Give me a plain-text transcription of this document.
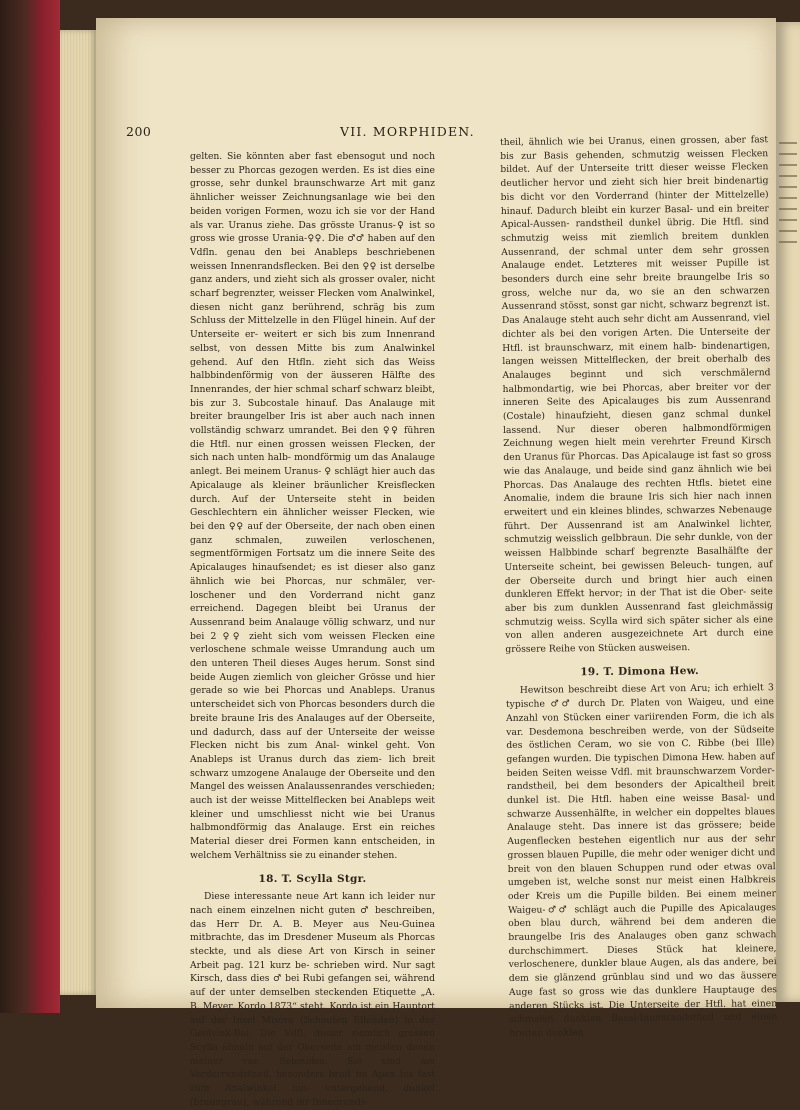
200	VII. MORPHIDEN.

gelten. Sie könnten aber fast ebensogut und noch besser zu Phorcas gezogen werden. Es ist dies eine grosse, sehr dunkel braunschwarze Art mit ganz ähnlicher weisser Zeichnungsanlage wie bei den beiden vorigen Formen, wozu ich sie vor der Hand als var. Uranus ziehe. Das grösste Uranus-♀ ist so gross wie grosse Urania-♀♀. Die ♂♂ haben auf den Vdfln. genau den bei Anableps beschriebenen weissen Innenrandsflecken. Bei den ♀♀ ist derselbe ganz anders, und zieht sich als grosser ovaler, nicht scharf begrenzter, weisser Flecken vom Analwinkel, diesen nicht ganz berührend, schräg bis zum Schluss der Mittelzelle in den Flügel hinein. Auf der Unterseite er- weitert er sich bis zum Innenrand selbst, von dessen Mitte bis zum Analwinkel gehend. Auf den Htfln. zieht sich das Weiss halbbindenförmig von der äusseren Hälfte des Innenrandes, der hier schmal scharf schwarz bleibt, bis zur 3. Subcostale hinauf. Das Analauge mit breiter braungelber Iris ist aber auch nach innen vollständig schwarz umrandet. Bei den ♀♀ führen die Htfl. nur einen grossen weissen Flecken, der sich nach unten halb- mondförmig um das Analauge anlegt. Bei meinem Uranus- ♀ schlägt hier auch das Apicalauge als kleiner bräunlicher Kreisflecken durch. Auf der Unterseite steht in beiden Geschlechtern ein ähnlicher weisser Flecken, wie bei den ♀♀ auf der Oberseite, der nach oben einen ganz schmalen, zuweilen verloschenen, segmentförmigen Fortsatz um die innere Seite des Apicalauges hinaufsendet; es ist dieser also ganz ähnlich wie bei Phorcas, nur schmäler, ver- loschener und den Vorderrand nicht ganz erreichend. Dagegen bleibt bei Uranus der Aussenrand beim Analauge völlig schwarz, und nur bei 2 ♀♀ zieht sich vom weissen Flecken eine verloschene schmale weisse Umrandung auch um den unteren Theil dieses Auges herum. Sonst sind beide Augen ziemlich von gleicher Grösse und hier gerade so wie bei Phorcas und Anableps. Uranus unterscheidet sich von Phorcas besonders durch die breite braune Iris des Analauges auf der Oberseite, und dadurch, dass auf der Unterseite der weisse Flecken nicht bis zum Anal- winkel geht. Von Anableps ist Uranus durch das ziem- lich breit schwarz umzogene Analauge der Oberseite und den Mangel des weissen Analaussenrandes verschieden; auch ist der weisse Mittelflecken bei Anableps weit kleiner und umschliesst nicht wie bei Uranus halbmondförmig das Analauge. Erst ein reiches Material dieser drei Formen kann entscheiden, in welchem Verhältniss sie zu einander stehen.

18. T. Scylla Stgr.

Diese interessante neue Art kann ich leider nur nach einem einzelnen nicht guten ♂ beschreiben, das Herr Dr. A. B. Meyer aus Neu-Guinea mitbrachte, das im Dresdener Museum als Phorcas steckte, und als diese Art von Kirsch in seiner Arbeit pag. 121 kurz be- schrieben wird. Nur sagt Kirsch, dass dies ♂ bei Rubi gefangen sei, während auf der unter demselben steckenden Etiquette „A. B. Meyer. Kordo 1873“ steht. Kordo ist ein Hauptort auf der Insel Misore (Schouten Eilanden) in der Geelvink-Bai. Die Vdfl. dieser ziemlich grossen Scylla ähneln auf der Oberseite am meisten denen meiner var. Selenides. Sie sind am Vorderrandstheil, besonders breit im Apex bis fast zum Analwinkel hin- untergehend, dunkel (braungrau), während ihr Innenrands-

theil, ähnlich wie bei Uranus, einen grossen, aber fast bis zur Basis gehenden, schmutzig weissen Flecken bildet. Auf der Unterseite tritt dieser weisse Flecken deutlicher hervor und zieht sich hier breit bindenartig bis dicht vor den Vorderrand (hinter der Mittelzelle) hinauf. Dadurch bleibt ein kurzer Basal- und ein breiter Apical-Aussen- randstheil dunkel übrig. Die Htfl. sind schmutzig weiss mit ziemlich breitem dunklen Aussenrand, der schmal unter dem sehr grossen Analauge endet. Letzteres mit weisser Pupille ist besonders durch eine sehr breite braungelbe Iris so gross, welche nur da, wo sie an den schwarzen Aussenrand stösst, sonst gar nicht, schwarz begrenzt ist. Das Analauge steht auch sehr dicht am Aussenrand, viel dichter als bei den vorigen Arten. Die Unterseite der Htfl. ist braunschwarz, mit einem halb- bindenartigen, langen weissen Mittelflecken, der breit oberhalb des Analauges beginnt und sich verschmälernd halbmondartig, wie bei Phorcas, aber breiter vor der inneren Seite des Apicalauges bis zum Aussenrand (Costale) hinaufzieht, diesen ganz schmal dunkel lassend. Nur dieser oberen halbmondförmigen Zeichnung wegen hielt mein verehrter Freund Kirsch den Uranus für Phorcas. Das Apicalauge ist fast so gross wie das Analauge, und beide sind ganz ähnlich wie bei Phorcas. Das Analauge des rechten Htfls. bietet eine Anomalie, indem die braune Iris sich hier nach innen erweitert und ein kleines blindes, schwarzes Nebenauge führt. Der Aussenrand ist am Analwinkel lichter, schmutzig weisslich gelbbraun. Die sehr dunkle, von der weissen Halbbinde scharf begrenzte Basalhälfte der Unterseite scheint, bei gewissen Beleuch- tungen, auf der Oberseite durch und bringt hier auch einen dunkleren Effekt hervor; in der That ist die Ober- seite aber bis zum dunklen Aussenrand fast gleichmässig schmutzig weiss. Scylla wird sich später sicher als eine von allen anderen ausgezeichnete Art durch eine grössere Reihe von Stücken ausweisen.

19. T. Dimona Hew.

Hewitson beschreibt diese Art von Aru; ich erhielt 3 typische ♂♂ durch Dr. Platen von Waigeu, und eine Anzahl von Stücken einer variirenden Form, die ich als var. Desdemona beschreiben werde, von der Südseite des östlichen Ceram, wo sie von C. Ribbe (bei Ille) gefangen wurden. Die typischen Dimona Hew. haben auf beiden Seiten weisse Vdfl. mit braunschwarzem Vorder- randstheil, bei dem besonders der Apicaltheil breit dunkel ist. Die Htfl. haben eine weisse Basal- und schwarze Aussenhälfte, in welcher ein doppeltes blaues Analauge steht. Das innere ist das grössere; beide Augenflecken bestehen eigentlich nur aus der sehr grossen blauen Pupille, die mehr oder weniger dicht und breit von den blauen Schuppen rund oder etwas oval umgeben ist, welche sonst nur meist einen Halbkreis oder Kreis um die Pupille bilden. Bei einem meiner Waigeu-♂♂ schlägt auch die Pupille des Apicalauges oben blau durch, während bei dem anderen die braungelbe Iris des Analauges oben ganz schwach durchschimmert. Dieses Stück hat kleinere, verloschenere, dunkler blaue Augen, als das andere, bei dem sie glänzend grünblau sind und wo das äussere Auge fast so gross wie das dunklere Hauptauge des anderen Stücks ist. Die Unterseite der Htfl. hat einen schmalen dunklen Basal-Innenrandstheil und einen breiten dunklen
